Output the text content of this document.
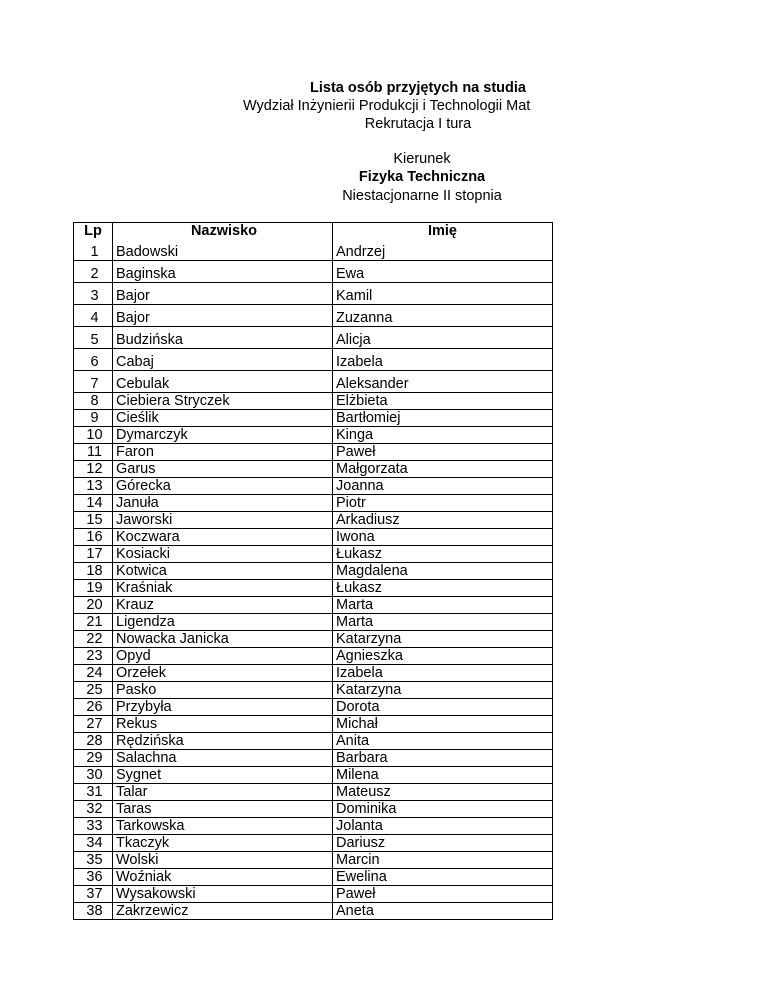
Lista osób przyjętych na studia
Wydział Inżynierii Produkcji i Technologii Mat
Rekrutacja I tura
Kierunek
Fizyka Techniczna
Niestacjonarne II stopnia
Lp	Nazwisko	Imię
1	Badowski	Andrzej
2	Baginska	Ewa
3	Bajor	Kamil
4	Bajor	Zuzanna
5	Budzińska	Alicja
6	Cabaj	Izabela
7	Cebulak	Aleksander
8	Ciebiera Stryczek	Elżbieta
9	Cieślik	Bartłomiej
10	Dymarczyk	Kinga
11	Faron	Paweł
12	Garus	Małgorzata
13	Górecka	Joanna
14	Januła	Piotr
15	Jaworski	Arkadiusz
16	Koczwara	Iwona
17	Kosiacki	Łukasz
18	Kotwica	Magdalena
19	Kraśniak	Łukasz
20	Krauz	Marta
21	Ligendza	Marta
22	Nowacka Janicka	Katarzyna
23	Opyd	Agnieszka
24	Orzełek	Izabela
25	Pasko	Katarzyna
26	Przybyła	Dorota
27	Rekus	Michał
28	Rędzińska	Anita
29	Salachna	Barbara
30	Sygnet	Milena
31	Talar	Mateusz
32	Taras	Dominika
33	Tarkowska	Jolanta
34	Tkaczyk	Dariusz
35	Wolski	Marcin
36	Woźniak	Ewelina
37	Wysakowski	Paweł
38	Zakrzewicz	Aneta
